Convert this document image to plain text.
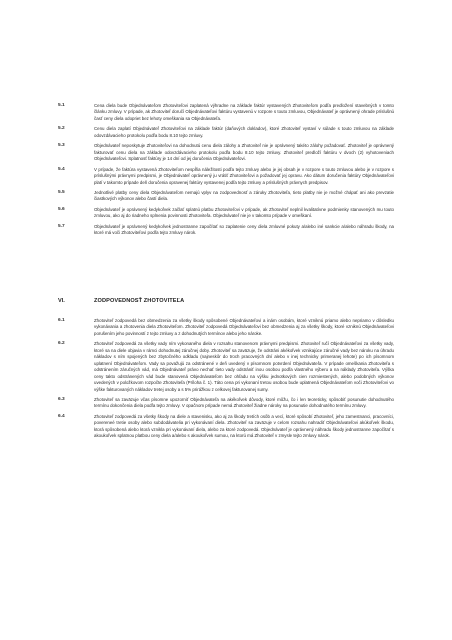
5.1	Cena diela bude Objednávateľom Zhotoviteľovi zaplatená výhradne na základe faktúr vystavených Zhotoviteľom podľa predložení stavebných v tomto článku zmluvy. V prípade, ak Zhotoviteľ doručí Objednávateľovi faktúru vystavenú v rozpore s touto zmluvou, Objednávateľ je oprávnený ohrade príslušnú časť ceny diela odopriet bez lehoty omeškania sa Objednávateľa.
5.2	Cenu diela zaplatí Objednávateľ Zhotoviteľovi na základe faktúr (daňových dokladov), ktoré Zhotoviteľ vystaví v súlade s touto zmluvou na základe odovzdávacieho protokolu podľa bodu 8.10 tejto zmluvy.
5.3	Objednávateľ neposkytuje Zhotoviteľovi na dohodnutú cenu diela zálohy a Zhotoviteľ nie je oprávnený takéto zálohy požadovať. Zhotoviteľ je oprávnený fakturovať cenu diela na základe odovzdávacieho protokolu podľa bodu 8.10 tejto zmluvy. Zhotoviteľ predloží faktúru v dvoch (2) vyhotoveniach Objednávateľovi. Splatnosť faktúry je 14 dní od jej doručenia Objednávateľovi.
5.4	V prípade, že faktúra vystavená Zhotoviteľom nespĺňa náležitosti podľa tejto zmluvy alebo je jej obsah je v rozpore s touto zmluvou alebo je v rozpore s príslušnými právnymi predpismi, je Objednávateľ oprávnený ju vrátiť Zhotoviteľovi a požadovať jej opravu. Ako dátum doručenia faktúry Objednávateľovi platí v takomto prípade deň doručenia opravenej faktúry vystavenej podľa tejto zmluvy a príslušných právnych predpisov.
5.5	Jednotlivé platby ceny diela Objednávateľom nemajú vplyv na zodpovednosť a záruky Zhotoviteľa, tieto platby nie je možné chápať ani ako prevzatie čiastkových výkonov alebo častí diela.
5.6	Objednávateľ je oprávnený kedykoľvek začlať splatnú platbu Zhotoviteľovi v prípade, ak Zhotoviteľ neplnil kvalitatívne podmienky stanovených mu touto zmluvou, ako aj do riadneho splnenia povinnosti Zhotoviteľa. Objednávateľ nie je v takomto prípade v omeškaní.
5.7	Objednávateľ je oprávnený kedykoľvek jednostranne započítať so zaplatenie ceny diela zmluvné pokuty a/alebo iné sankcie a/alebo náhradu škody, na ktoré má voči Zhotoviteľovi podľa tejto zmluvy nárok.
VI.	ZODPOVEDNOSŤ ZHOTOVITEĽA
6.1	Zhotoviteľ zodpovedá bez obmedzenia za všetky škody spôsobené Objednávateľovi a inám osobám, ktoré vzniknú priamo alebo nepriamo v dôsledku vykonávania a zhotovenia diela Zhotoviteľom. Zhotoviteľ zodpovedá Objednávateľovi bez obmedzenia aj za všetky škody, ktoré vzniknú Objednávateľovi porušením jeho povinností z tejto zmluvy a z dohodnutých termínov alebo jeho nároke.
6.2	Zhotoviteľ zodpovedá za všetky vady ním vykonaného diela v rozsahu stanovenom právnymi predpismi. Zhotoviteľ ručí Objednávateľovi za všetky vady, ktoré sa na diele objavia v rámci dohodnutej záručnej doby. Zhotoviteľ sa zaväzuje, že odstráni akékoľvek vznikajúce záručné vady bez nároku na úhradu nákladov s ním spojených bez zbytočného odkladu (najneskôr do troch pracovných dní alebo v inej technicky primeranej lehote) po ich písomnom uplatnení Objednávateľom. Vady sa považujú za odstránené v deň uvedený v písomnom potvrdení Objednávateľa. V prípade omeškania Zhotoviteľa s odstránením záručných vád, má Objednávateľ právo nechať tieto vady odstrániť inou osobou podľa vlastného výberu a na náklady Zhotoviteľa. Výška ceny takto odstránených vád bude stanovená Objednávateľom bez ohľadu na výšku jednotkových cien rozmiestených, alebo podobných výkonov uvedených v položkovom rozpočte Zhotoviteľa (Príloha č. 1). Táto cena pri vykonaní tretou osobou bude uplatnená Objednávateľom voči Zhotoviteľovi vo výške fakturovaných nákladov tretej osoby a s 5% prirážkou z celkovej fakturovanej sumy.
6.3	Zhotoviteľ sa zaväzuje včas písomne upozorniť Objednávateľa na akékoľvek dôvody, ktoré môžu, čo i len teoreticky, spôsobiť posunutie dohodnutého termínu dokončenia diela podľa tejto zmluvy. V opačnom prípade nemá Zhotoviteľ žiadne nároky na posunutie dohodnutého termínu zmluvy.
6.4	Zhotoviteľ zodpovedá za všetky škody na diele a stavenisku, ako aj za škody tretích osôb a vecí, ktoré spôsobí Zhotoviteľ, jeho zamestnanci, pracovníci, povereneé tretie osoby alebo subdodávatelia pri vykonávaní diela. Zhotoviteľ sa zaväzuje v celom rozsahu nahradiť Objednávateľovi akúkoľvek škodu, ktorá spôsobená alebo ktorá vznikla pri vykonávaní diela, alebo za ktoré zodpovedá. Objednávateľ je oprávnený náhradu škody jednostranne započítať s akoukoľvek splatnou platbou ceny diela a/alebo s akoukoľvek sumou, na ktorú má Zhotoviteľ v zmysle tejto zmluvy nárok.
